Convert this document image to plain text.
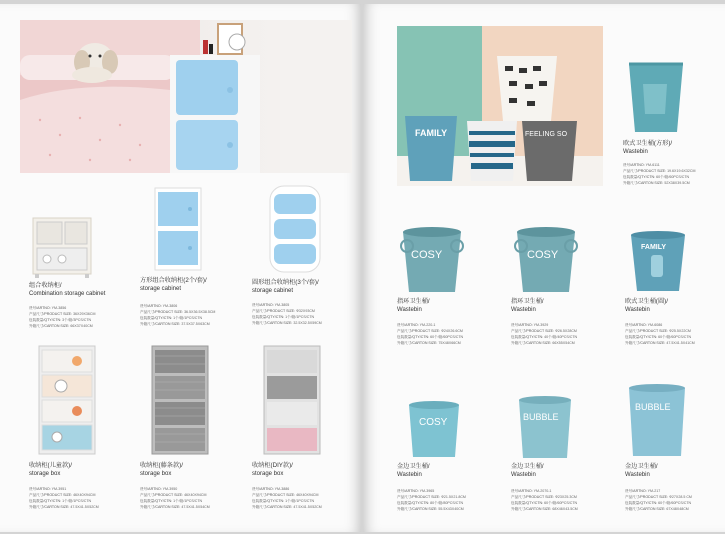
组合收纳柜/
Combination storage cabinet
货号/ARTNO: YM-3856
产品尺寸/PRODUCT SIZE: 36X29X36CM
包装数量/QTY/CTN: 3个/箱/3PCS/CTN
外箱尺寸/CARTON SIZE: 66X37X40CM
方形组合收纳柜(2个/套)/
storage cabinet
货号/ARTNO: YM-3806
产品尺寸/PRODUCT SIZE: 36.5X36.5X38.5CM
包装数量/QTY/CTN: 1个/箱/1PCS/CTN
外箱尺寸/CARTON SIZE: 37.5X37.5X63CM
圆形组合收纳柜(3个/套)/
storage cabinet
货号/ARTNO: YM-3805
产品尺寸/PRODUCT SIZE: Φ32X93CM
包装数量/QTY/CTN: 1个/箱/1PCS/CTN
外箱尺寸/CARTON SIZE: 32.5X32.5X59CM
收纳柜(儿童款)/
storage box
货号/ARTNO: YM-3951
产品尺寸/PRODUCT SIZE: 46X40X94CM
包装数量/QTY/CTN: 1个/箱/1PCS/CTN
外箱尺寸/CARTON SIZE: 47.5X41.5X52CM
收纳柜(藤条款)/
storage box
货号/ARTNO: YM-3950
产品尺寸/PRODUCT SIZE: 46X40X94CM
包装数量/QTY/CTN: 1个/箱/1PCS/CTN
外箱尺寸/CARTON SIZE: 47.5X41.5X54CM
收纳柜(DIY款)/
storage box
货号/ARTNO: YM-3886
产品尺寸/PRODUCT SIZE: 46X40X94CM
包装数量/QTY/CTN: 1个/箱/1PCS/CTN
外箱尺寸/CARTON SIZE: 47.5X41.5X52CM
FAMILY	FEELING SO
欧式卫生桶(方形)/
Wastebin
货号/ARTNO: YM-6111
产品尺寸/PRODUCT SIZE: 19.6X19.6X32CM
包装数量/QTY/CTN: 60个/箱/60PCS/CTN
外箱尺寸/CARTON SIZE: 52X38X39.5CM
COSY
指环卫生桶/
Wastebin
货号/ARTNO: YM-220-1
产品尺寸/PRODUCT SIZE: Φ24X26.6CM
包装数量/QTY/CTN: 60个/箱/60PCS/CTN
外箱尺寸/CARTON SIZE: 75X48X66CM
COSY
指环卫生桶/
Wastebin
货号/ARTNO: YM-3929
产品尺寸/PRODUCT SIZE: Φ26.5X28CM
包装数量/QTY/CTN: 40个/箱/40PCS/CTN
外箱尺寸/CARTON SIZE: 66X55X54CM
FAMILY
欧式卫生桶(圆)/
Wastebin
货号/ARTNO: YM-6086
产品尺寸/PRODUCT SIZE: Φ25.5X22CM
包装数量/QTY/CTN: 60个/箱/60PCS/CTN
外箱尺寸/CARTON SIZE: 47.5X41.5X41CM
COSY
金边卫生桶/
Wastebin
货号/ARTNO: YM-3965
产品尺寸/PRODUCT SIZE: Φ21.5X21.8CM
包装数量/QTY/CTN: 80个/箱/80PCS/CTN
外箱尺寸/CARTON SIZE: 55.5X43X40CM
BUBBLE
金边卫生桶/
Wastebin
货号/ARTNO: YM-2070-1
产品尺寸/PRODUCT SIZE: Φ23X25.3CM
包装数量/QTY/CTN: 60个/箱/60PCS/CTN
外箱尺寸/CARTON SIZE: 68X46X43.5CM
BUBBLE
金边卫生桶/
Wastebin
货号/ARTNO: YM-217
产品尺寸/PRODUCT SIZE: Φ27X28.5 CM
包装数量/QTY/CTN: 60个/箱/60PCS/CTN
外箱尺寸/CARTON SIZE: 67X48X48CM
